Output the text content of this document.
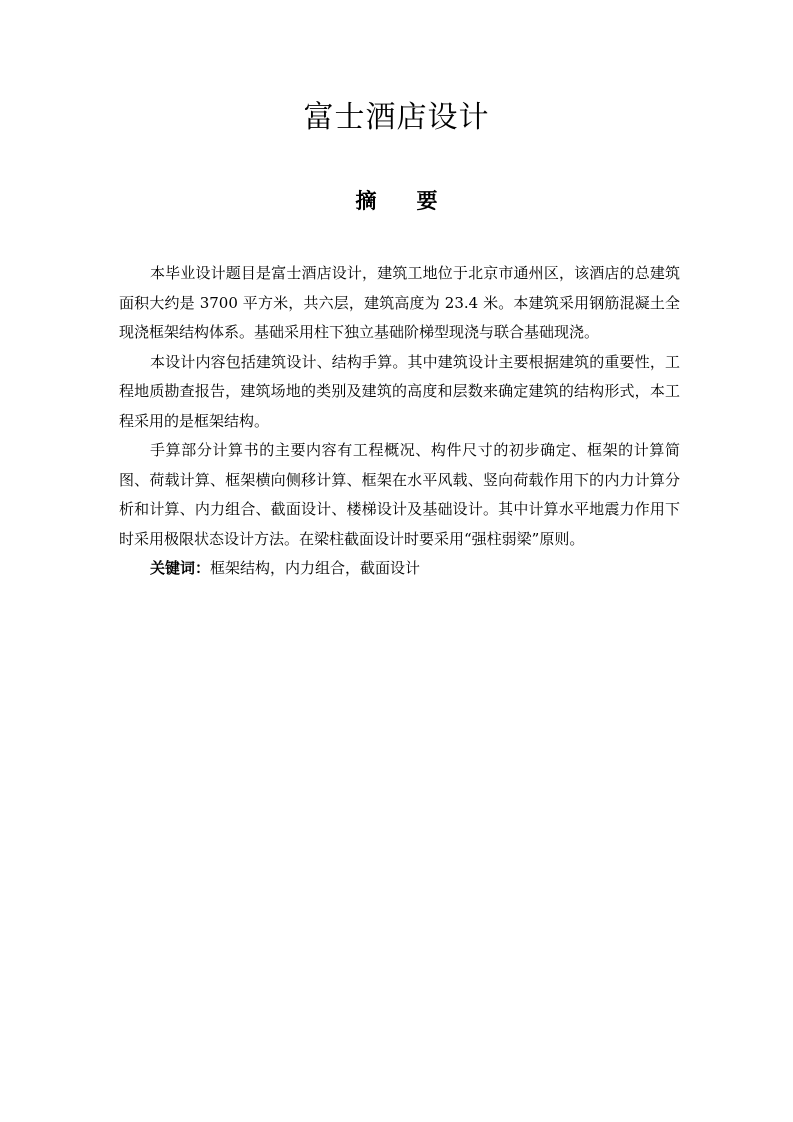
富士酒店设计
摘 要

本毕业设计题目是富士酒店设计，建筑工地位于北京市通州区，该酒店的总建筑面积大约是 3700 平方米，共六层，建筑高度为 23.4 米。本建筑采用钢筋混凝土全现浇框架结构体系。基础采用柱下独立基础阶梯型现浇与联合基础现浇。

本设计内容包括建筑设计、结构手算。其中建筑设计主要根据建筑的重要性，工程地质勘查报告，建筑场地的类别及建筑的高度和层数来确定建筑的结构形式，本工程采用的是框架结构。

手算部分计算书的主要内容有工程概况、构件尺寸的初步确定、框架的计算简图、荷载计算、框架横向侧移计算、框架在水平风载、竖向荷载作用下的内力计算分析和计算、内力组合、截面设计、楼梯设计及基础设计。其中计算水平地震力作用下时采用极限状态设计方法。在梁柱截面设计时要采用“强柱弱梁”原则。

关键词：框架结构，内力组合，截面设计
